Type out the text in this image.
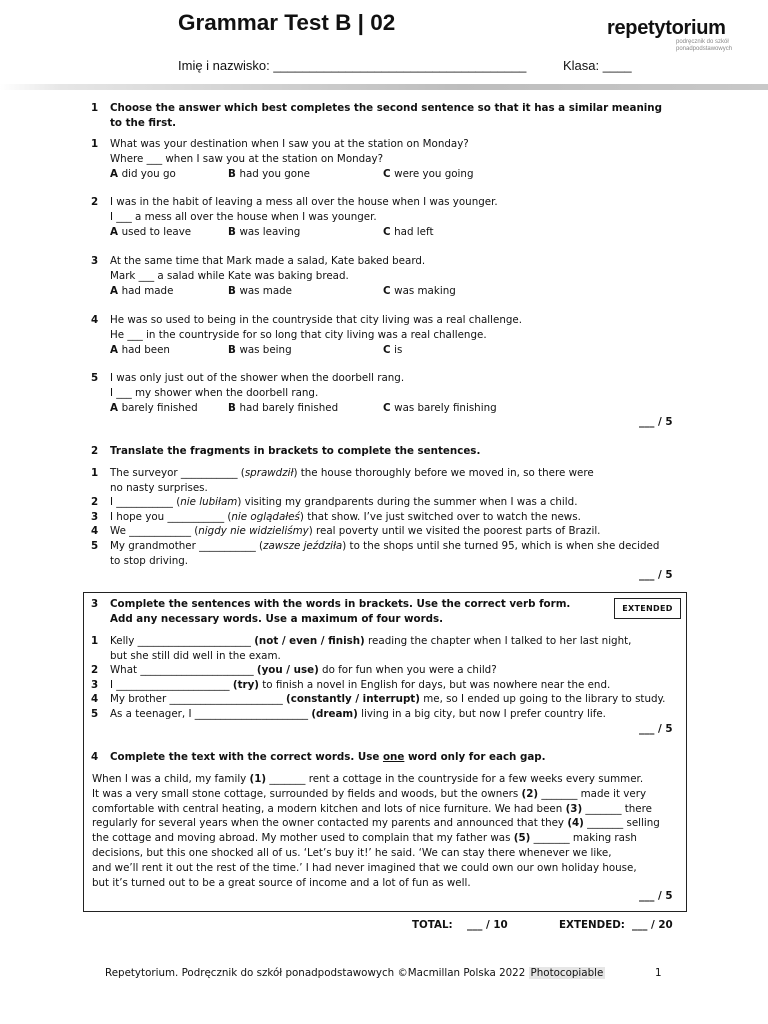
Grammar Test B | 02	repetytorium
podręcznik do szkół
ponadpodstawowych
Imię i nazwisko: ___________________________________	Klasa: ____
1 Choose the answer which best completes the second sentence so that it has a similar meaning
to the first.
1 What was your destination when I saw you at the station on Monday?
Where ___ when I saw you at the station on Monday?
A did you go	B had you gone	C were you going
2 I was in the habit of leaving a mess all over the house when I was younger.
I ___ a mess all over the house when I was younger.
A used to leave	B was leaving	C had left
3 At the same time that Mark made a salad, Kate baked beard.
Mark ___ a salad while Kate was baking bread.
A had made	B was made	C was making
4 He was so used to being in the countryside that city living was a real challenge.
He ___ in the countryside for so long that city living was a real challenge.
A had been	B was being	C is
5 I was only just out of the shower when the doorbell rang.
I ___ my shower when the doorbell rang.
A barely finished	B had barely finished	C was barely finishing
___ / 5
2 Translate the fragments in brackets to complete the sentences.
1 The surveyor ___________ (sprawdził) the house thoroughly before we moved in, so there were
no nasty surprises.
2 I ___________ (nie lubiłam) visiting my grandparents during the summer when I was a child.
3 I hope you ___________ (nie oglądałeś) that show. I’ve just switched over to watch the news.
4 We ____________ (nigdy nie widzieliśmy) real poverty until we visited the poorest parts of Brazil.
5 My grandmother ___________ (zawsze jeździła) to the shops until she turned 95, which is when she decided
to stop driving.
___ / 5
EXTENDED
3 Complete the sentences with the words in brackets. Use the correct verb form.
Add any necessary words. Use a maximum of four words.
1 Kelly ______________________ (not / even / finish) reading the chapter when I talked to her last night,
but she still did well in the exam.
2 What ______________________ (you / use) do for fun when you were a child?
3 I ______________________ (try) to finish a novel in English for days, but was nowhere near the end.
4 My brother ______________________ (constantly / interrupt) me, so I ended up going to the library to study.
5 As a teenager, I ______________________ (dream) living in a big city, but now I prefer country life.
___ / 5
4 Complete the text with the correct words. Use one word only for each gap.
When I was a child, my family (1) _______ rent a cottage in the countryside for a few weeks every summer.
It was a very small stone cottage, surrounded by fields and woods, but the owners (2) _______ made it very
comfortable with central heating, a modern kitchen and lots of nice furniture. We had been (3) _______ there
regularly for several years when the owner contacted my parents and announced that they (4) _______ selling
the cottage and moving abroad. My mother used to complain that my father was (5) _______ making rash
decisions, but this one shocked all of us. ‘Let’s buy it!’ he said. ‘We can stay there whenever we like,
and we’ll rent it out the rest of the time.’ I had never imagined that we could own our own holiday house,
but it’s turned out to be a great source of income and a lot of fun as well.
___ / 5
TOTAL: ___ / 10	EXTENDED: ___ / 20
Repetytorium. Podręcznik do szkół ponadpodstawowych ©Macmillan Polska 2022 Photocopiable	1
